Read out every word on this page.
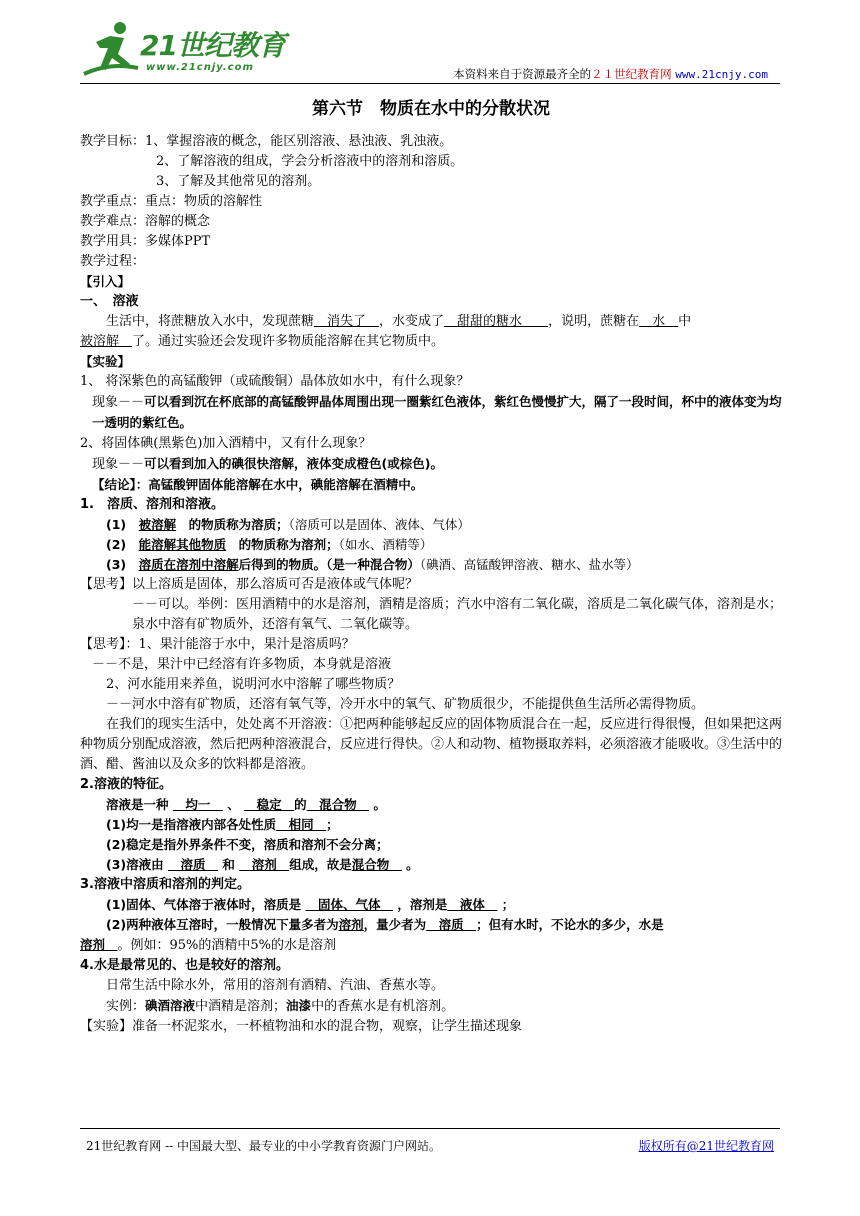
21世纪教育
www.21cnjy.com	本资料来自于资源最齐全的２１世纪教育网 www.21cnjy.com
第六节　物质在水中的分散状况
教学目标：1、掌握溶液的概念，能区别溶液、悬浊液、乳浊液。
2、了解溶液的组成，学会分析溶液中的溶剂和溶质。
3、了解及其他常见的溶剂。
教学重点：重点：物质的溶解性
教学难点：溶解的概念
教学用具：多媒体PPT
教学过程：
【引入】
一、　溶液
生活中，将蔗糖放入水中，发现蔗糖　消失了　，水变成了　甜甜的糖水　　，说明，蔗糖在　水　中
被溶解　了。通过实验还会发现许多物质能溶解在其它物质中。
【实验】
1、 将深紫色的高锰酸钾（或硫酸铜）晶体放如水中，有什么现象？
现象－－可以看到沉在杯底部的高锰酸钾晶体周围出现一圈紫红色液体，紫红色慢慢扩大，隔了一段时间，杯中的液体变为均一透明的紫红色。
2、将固体碘(黑紫色)加入酒精中，又有什么现象？
现象－－可以看到加入的碘很快溶解，液体变成橙色(或棕色)。
【结论】：高锰酸钾固体能溶解在水中，碘能溶解在酒精中。
1.　溶质、溶剂和溶液。
(1)　被溶解　的物质称为溶质；（溶质可以是固体、液体、气体）
(2)　能溶解其他物质　的物质称为溶剂；（如水、酒精等）
(3)　溶质在溶剂中溶解后得到的物质。（是一种混合物）（碘酒、高锰酸钾溶液、糖水、盐水等）
【思考】以上溶质是固体，那么溶质可否是液体或气体呢？
－－可以。举例：医用酒精中的水是溶剂，酒精是溶质；汽水中溶有二氧化碳，溶质是二氧化碳气体，溶剂是水；泉水中溶有矿物质外，还溶有氧气、二氧化碳等。
【思考】：1、果汁能溶于水中，果汁是溶质吗？
－－不是，果汁中已经溶有许多物质，本身就是溶液
2、河水能用来养鱼，说明河水中溶解了哪些物质？
－－河水中溶有矿物质，还溶有氧气等，冷开水中的氧气、矿物质很少，不能提供鱼生活所必需得物质。
在我们的现实生活中，处处离不开溶液：①把两种能够起反应的固体物质混合在一起，反应进行得很慢，但如果把这两种物质分别配成溶液，然后把两种溶液混合，反应进行得快。②人和动物、植物摄取养料，必须溶液才能吸收。③生活中的酒、醋、酱油以及众多的饮料都是溶液。
2.溶液的特征。
溶液是一种 　均一　 、 　稳定　的　混合物　 。
(1)均一是指溶液内部各处性质　相同　；
(2)稳定是指外界条件不变，溶质和溶剂不会分离；
(3)溶液由 　溶质　 和 　溶剂　组成，故是混合物　 。
3.溶液中溶质和溶剂的判定。
(1)固体、气体溶于液体时，溶质是 　固体、气体　 ，溶剂是　液体　 ；
(2)两种液体互溶时，一般情况下量多者为溶剂，量少者为　溶质　；但有水时，不论水的多少，水是
溶剂　。例如：95%的酒精中5%的水是溶剂
4.水是最常见的、也是较好的溶剂。
日常生活中除水外，常用的溶剂有酒精、汽油、香蕉水等。
实例：碘酒溶液中酒精是溶剂；油漆中的香蕉水是有机溶剂。
【实验】准备一杯泥浆水，一杯植物油和水的混合物，观察，让学生描述现象
21世纪教育网 -- 中国最大型、最专业的中小学教育资源门户网站。	版权所有@21世纪教育网
